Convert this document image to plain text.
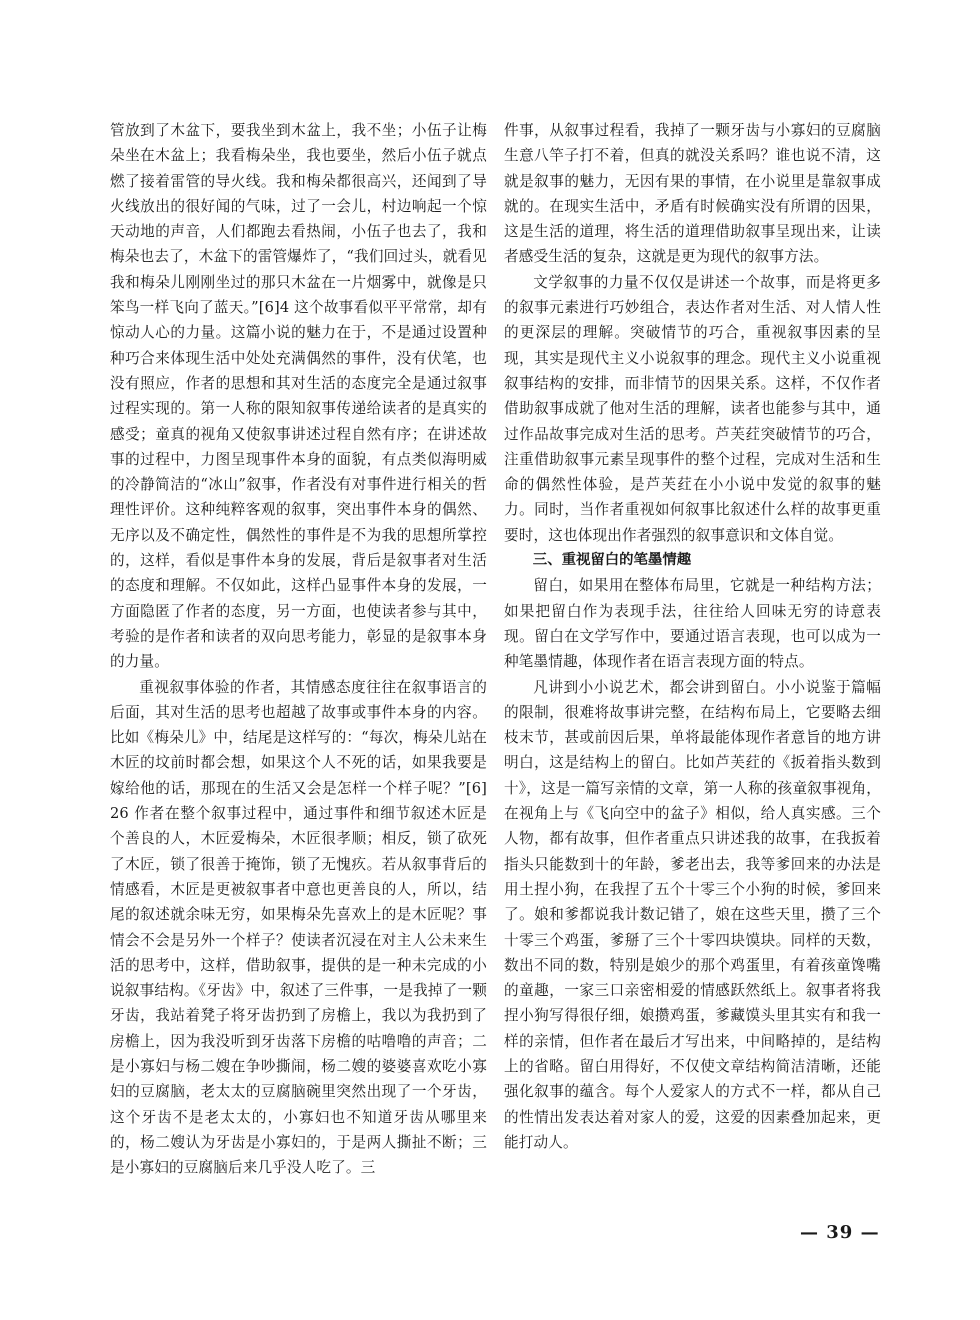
管放到了木盆下，要我坐到木盆上，我不坐；小伍子让梅朵坐在木盆上；我看梅朵坐，我也要坐，然后小伍子就点燃了接着雷管的导火线。我和梅朵都很高兴，还闻到了导火线放出的很好闻的气味，过了一会儿，村边响起一个惊天动地的声音，人们都跑去看热闹，小伍子也去了，我和梅朵也去了，木盆下的雷管爆炸了，“我们回过头，就看见我和梅朵儿刚刚坐过的那只木盆在一片烟雾中，就像是只笨鸟一样飞向了蓝天。”[6]4 这个故事看似平平常常，却有惊动人心的力量。这篇小说的魅力在于，不是通过设置种种巧合来体现生活中处处充满偶然的事件，没有伏笔，也没有照应，作者的思想和其对生活的态度完全是通过叙事过程实现的。第一人称的限知叙事传递给读者的是真实的感受；童真的视角又使叙事讲述过程自然有序；在讲述故事的过程中，力图呈现事件本身的面貌，有点类似海明威的冷静简洁的“冰山”叙事，作者没有对事件进行相关的哲理性评价。这种纯粹客观的叙事，突出事件本身的偶然、无序以及不确定性，偶然性的事件是不为我的思想所掌控的，这样，看似是事件本身的发展，背后是叙事者对生活的态度和理解。不仅如此，这样凸显事件本身的发展，一方面隐匿了作者的态度，另一方面，也使读者参与其中，考验的是作者和读者的双向思考能力，彰显的是叙事本身的力量。

重视叙事体验的作者，其情感态度往往在叙事语言的后面，其对生活的思考也超越了故事或事件本身的内容。比如《梅朵儿》中，结尾是这样写的：“每次，梅朵儿站在木匠的坟前时都会想，如果这个人不死的话，如果我要是嫁给他的话，那现在的生活又会是怎样一个样子呢？”[6]26 作者在整个叙事过程中，通过事件和细节叙述木匠是个善良的人，木匠爱梅朵，木匠很孝顺；相反，锁了砍死了木匠，锁了很善于掩饰，锁了无愧疚。若从叙事背后的情感看，木匠是更被叙事者中意也更善良的人，所以，结尾的叙述就余味无穷，如果梅朵先喜欢上的是木匠呢？事情会不会是另外一个样子？使读者沉浸在对主人公未来生活的思考中，这样，借助叙事，提供的是一种未完成的小说叙事结构。《牙齿》中，叙述了三件事，一是我掉了一颗牙齿，我站着凳子将牙齿扔到了房檐上，我以为我扔到了房檐上，因为我没听到牙齿落下房檐的咕噜噜的声音；二是小寡妇与杨二嫂在争吵撕闹，杨二嫂的婆婆喜欢吃小寡妇的豆腐脑，老太太的豆腐脑碗里突然出现了一个牙齿，这个牙齿不是老太太的，小寡妇也不知道牙齿从哪里来的，杨二嫂认为牙齿是小寡妇的，于是两人撕扯不断；三是小寡妇的豆腐脑后来几乎没人吃了。三

件事，从叙事过程看，我掉了一颗牙齿与小寡妇的豆腐脑生意八竿子打不着，但真的就没关系吗？谁也说不清，这就是叙事的魅力，无因有果的事情，在小说里是靠叙事成就的。在现实生活中，矛盾有时候确实没有所谓的因果，这是生活的道理，将生活的道理借助叙事呈现出来，让读者感受生活的复杂，这就是更为现代的叙事方法。

文学叙事的力量不仅仅是讲述一个故事，而是将更多的叙事元素进行巧妙组合，表达作者对生活、对人情人性的更深层的理解。突破情节的巧合，重视叙事因素的呈现，其实是现代主义小说叙事的理念。现代主义小说重视叙事结构的安排，而非情节的因果关系。这样，不仅作者借助叙事成就了他对生活的理解，读者也能参与其中，通过作品故事完成对生活的思考。芦芙荭突破情节的巧合，注重借助叙事元素呈现事件的整个过程，完成对生活和生命的偶然性体验，是芦芙荭在小小说中发觉的叙事的魅力。同时，当作者重视如何叙事比叙述什么样的故事更重要时，这也体现出作者强烈的叙事意识和文体自觉。

三、重视留白的笔墨情趣

留白，如果用在整体布局里，它就是一种结构方法；如果把留白作为表现手法，往往给人回味无穷的诗意表现。留白在文学写作中，要通过语言表现，也可以成为一种笔墨情趣，体现作者在语言表现方面的特点。

凡讲到小小说艺术，都会讲到留白。小小说鉴于篇幅的限制，很难将故事讲完整，在结构布局上，它要略去细枝末节，甚或前因后果，单将最能体现作者意旨的地方讲明白，这是结构上的留白。比如芦芙荭的《扳着指头数到十》，这是一篇写亲情的文章，第一人称的孩童叙事视角，在视角上与《飞向空中的盆子》相似，给人真实感。三个人物，都有故事，但作者重点只讲述我的故事，在我扳着指头只能数到十的年龄，爹老出去，我等爹回来的办法是用土捏小狗，在我捏了五个十零三个小狗的时候，爹回来了。娘和爹都说我计数记错了，娘在这些天里，攒了三个十零三个鸡蛋，爹掰了三个十零四块馍块。同样的天数，数出不同的数，特别是娘少的那个鸡蛋里，有着孩童馋嘴的童趣，一家三口亲密相爱的情感跃然纸上。叙事者将我捏小狗写得很仔细，娘攒鸡蛋，爹藏馍头里其实有和我一样的亲情，但作者在最后才写出来，中间略掉的，是结构上的省略。留白用得好，不仅使文章结构简洁清晰，还能强化叙事的蕴含。每个人爱家人的方式不一样，都从自己的性情出发表达着对家人的爱，这爱的因素叠加起来，更能打动人。

— 39 —
